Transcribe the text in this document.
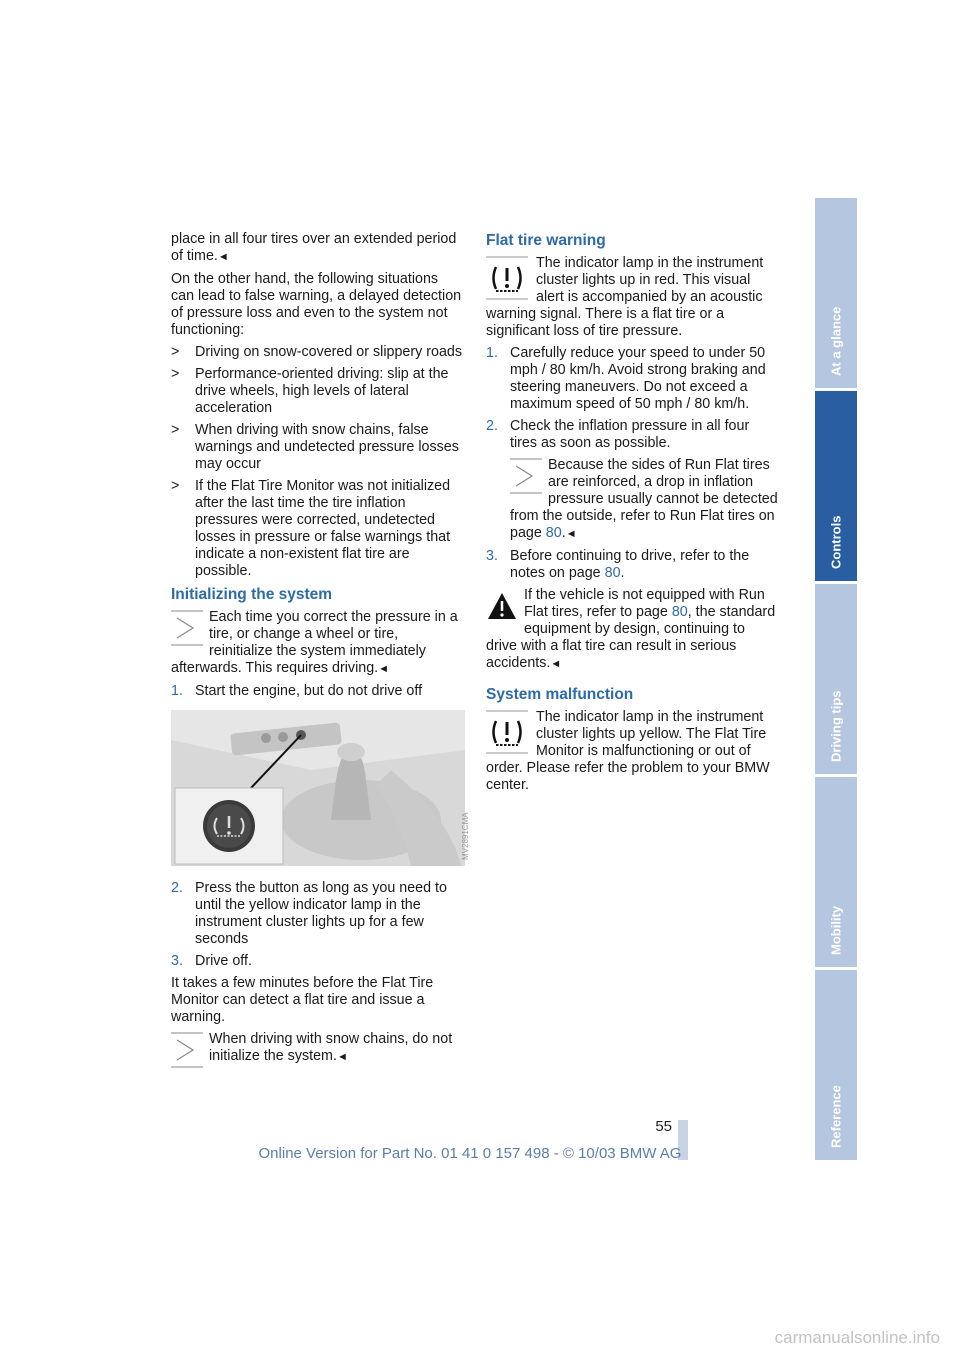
place in all four tires over an extended period of time.◄

On the other hand, the following situations can lead to false warning, a delayed detection of pressure loss and even to the system not functioning:

> Driving on snow-covered or slippery roads
> Performance-oriented driving: slip at the drive wheels, high levels of lateral acceleration
> When driving with snow chains, false warnings and undetected pressure losses may occur
> If the Flat Tire Monitor was not initialized after the last time the tire inflation pressures were corrected, undetected losses in pressure or false warnings that indicate a non-existent flat tire are possible.
Initializing the system

Each time you correct the pressure in a tire, or change a wheel or tire, reinitialize the system immediately afterwards. This requires driving.◄

1. Start the engine, but do not drive off
MV2891CMA
2. Press the button as long as you need to until the yellow indicator lamp in the instrument cluster lights up for a few seconds
3. Drive off.

It takes a few minutes before the Flat Tire Monitor can detect a flat tire and issue a warning.

When driving with snow chains, do not initialize the system.◄

Flat tire warning

The indicator lamp in the instrument cluster lights up in red. This visual alert is accompanied by an acoustic warning signal. There is a flat tire or a significant loss of tire pressure.

1. Carefully reduce your speed to under 50 mph / 80 km/h. Avoid strong braking and steering maneuvers. Do not exceed a maximum speed of 50 mph / 80 km/h.
2. Check the inflation pressure in all four tires as soon as possible.

Because the sides of Run Flat tires are reinforced, a drop in inflation pressure usually cannot be detected from the outside, refer to Run Flat tires on page 80.◄

3. Before continuing to drive, refer to the notes on page 80.

If the vehicle is not equipped with Run Flat tires, refer to page 80, the standard equipment by design, continuing to drive with a flat tire can result in serious accidents.◄

System malfunction

The indicator lamp in the instrument cluster lights up yellow. The Flat Tire Monitor is malfunctioning or out of order. Please refer the problem to your BMW center.

At a glance
Controls
Driving tips
Mobility
Reference
55
Online Version for Part No. 01 41 0 157 498 - © 10/03 BMW AG
carmanualsonline.info
